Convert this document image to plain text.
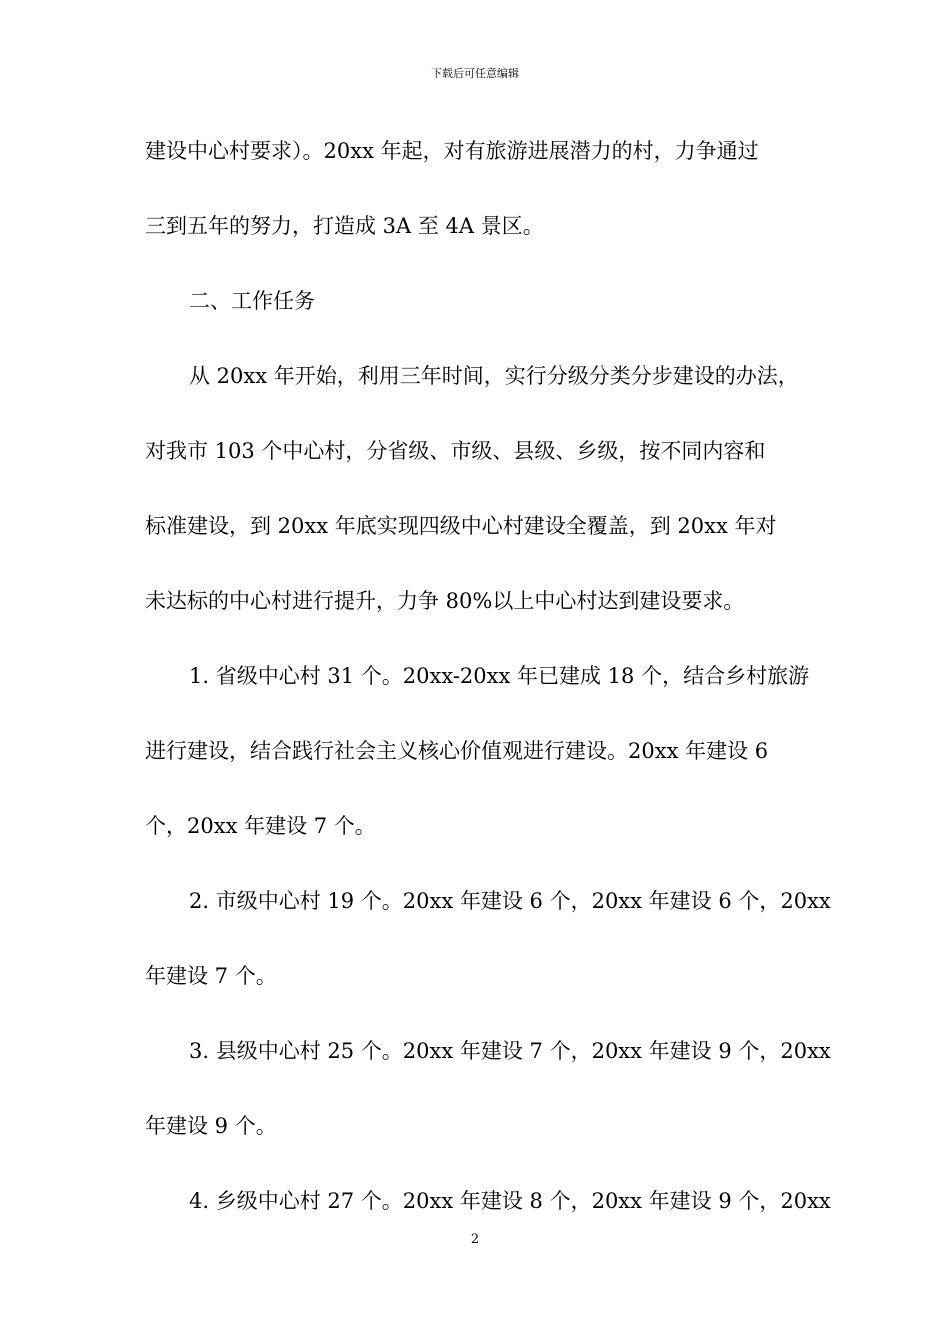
下载后可任意编辑
建设中心村要求）。20xx 年起，对有旅游进展潜力的村，力争通过
三到五年的努力，打造成 3A 至 4A 景区。
二、工作任务
从 20xx 年开始，利用三年时间，实行分级分类分步建设的办法，
对我市 103 个中心村，分省级、市级、县级、乡级，按不同内容和
标准建设，到 20xx 年底实现四级中心村建设全覆盖，到 20xx 年对
未达标的中心村进行提升，力争 80%以上中心村达到建设要求。
1. 省级中心村 31 个。20xx-20xx 年已建成 18 个，结合乡村旅游
进行建设，结合践行社会主义核心价值观进行建设。20xx 年建设 6
个，20xx 年建设 7 个。
2. 市级中心村 19 个。20xx 年建设 6 个，20xx 年建设 6 个，20xx
年建设 7 个。
3. 县级中心村 25 个。20xx 年建设 7 个，20xx 年建设 9 个，20xx
年建设 9 个。
4. 乡级中心村 27 个。20xx 年建设 8 个，20xx 年建设 9 个，20xx
2
